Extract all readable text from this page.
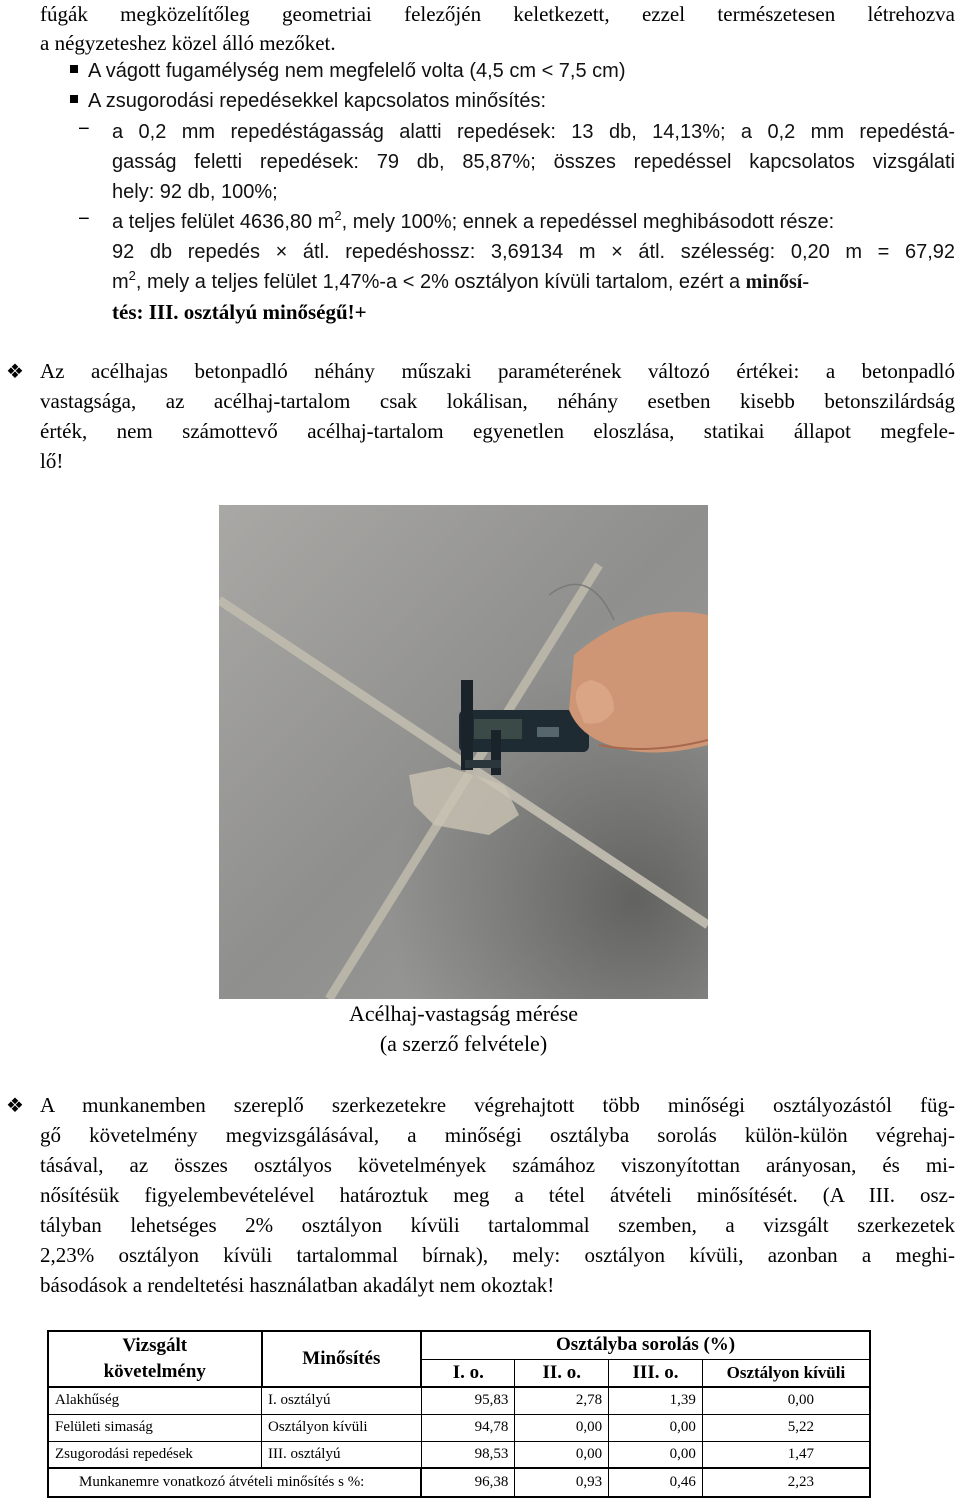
fúgák megközelítőleg geometriai felezőjén keletkezett, ezzel természetesen létrehozva
a négyzeteshez közel álló mezőket.
A vágott fugamélység nem megfelelő volta (4,5 cm < 7,5 cm)
A zsugorodási repedésekkel kapcsolatos minősítés:
− a 0,2 mm repedéstágasság alatti repedések: 13 db, 14,13%; a 0,2 mm repedéstá-
gasság feletti repedések: 79 db, 85,87%; összes repedéssel kapcsolatos vizsgálati
hely: 92 db, 100%;
− a teljes felület 4636,80 $m^2$, mely 100%; ennek a repedéssel meghibásodott része:
92 db repedés × átl. repedéshossz: 3,69134 m × átl. szélesség: 0,20 m = 67,92
$m^2$, mely a teljes felület 1,47%-a < 2% osztályon kívüli tartalom, ezért a minősí-
tés: III. osztályú minőségű!+
❖ Az acélhajas betonpadló néhány műszaki paraméterének változó értékei: a betonpadló
vastagsága, az acélhaj-tartalom csak lokálisan, néhány esetben kisebb betonszilárdság
érték, nem számottevő acélhaj-tartalom egyenetlen eloszlása, statikai állapot megfele-
lő!
Acélhaj-vastagság mérése
(a szerző felvétele)
❖ A munkanemben szereplő szerkezetekre végrehajtott több minőségi osztályozástól füg-
gő követelmény megvizsgálásával, a minőségi osztályba sorolás külön-külön végrehaj-
tásával, az összes osztályos követelmények számához viszonyítottan arányosan, és mi-
nősítésük figyelembevételével határoztuk meg a tétel átvételi minősítését. (A III. osz-
tályban lehetséges 2% osztályon kívüli tartalommal szemben, a vizsgált szerkezetek
2,23% osztályon kívüli tartalommal bírnak), mely: osztályon kívüli, azonban a meghi-
básodások a rendeltetési használatban akadályt nem okoztak!
Vizsgált
követelmény	Minősítés	Osztályba sorolás (%)			
		I. o.	II. o.	III. o.	Osztályon kívüli
Alakhűség	I. osztályú	95,83	2,78	1,39	0,00
Felületi simaság	Osztályon kívüli	94,78	0,00	0,00	5,22
Zsugorodási repedések	III. osztályú	98,53	0,00	0,00	1,47
Munkanemre vonatkozó átvételi minősítés s %:		96,38	0,93	0,46	2,23
